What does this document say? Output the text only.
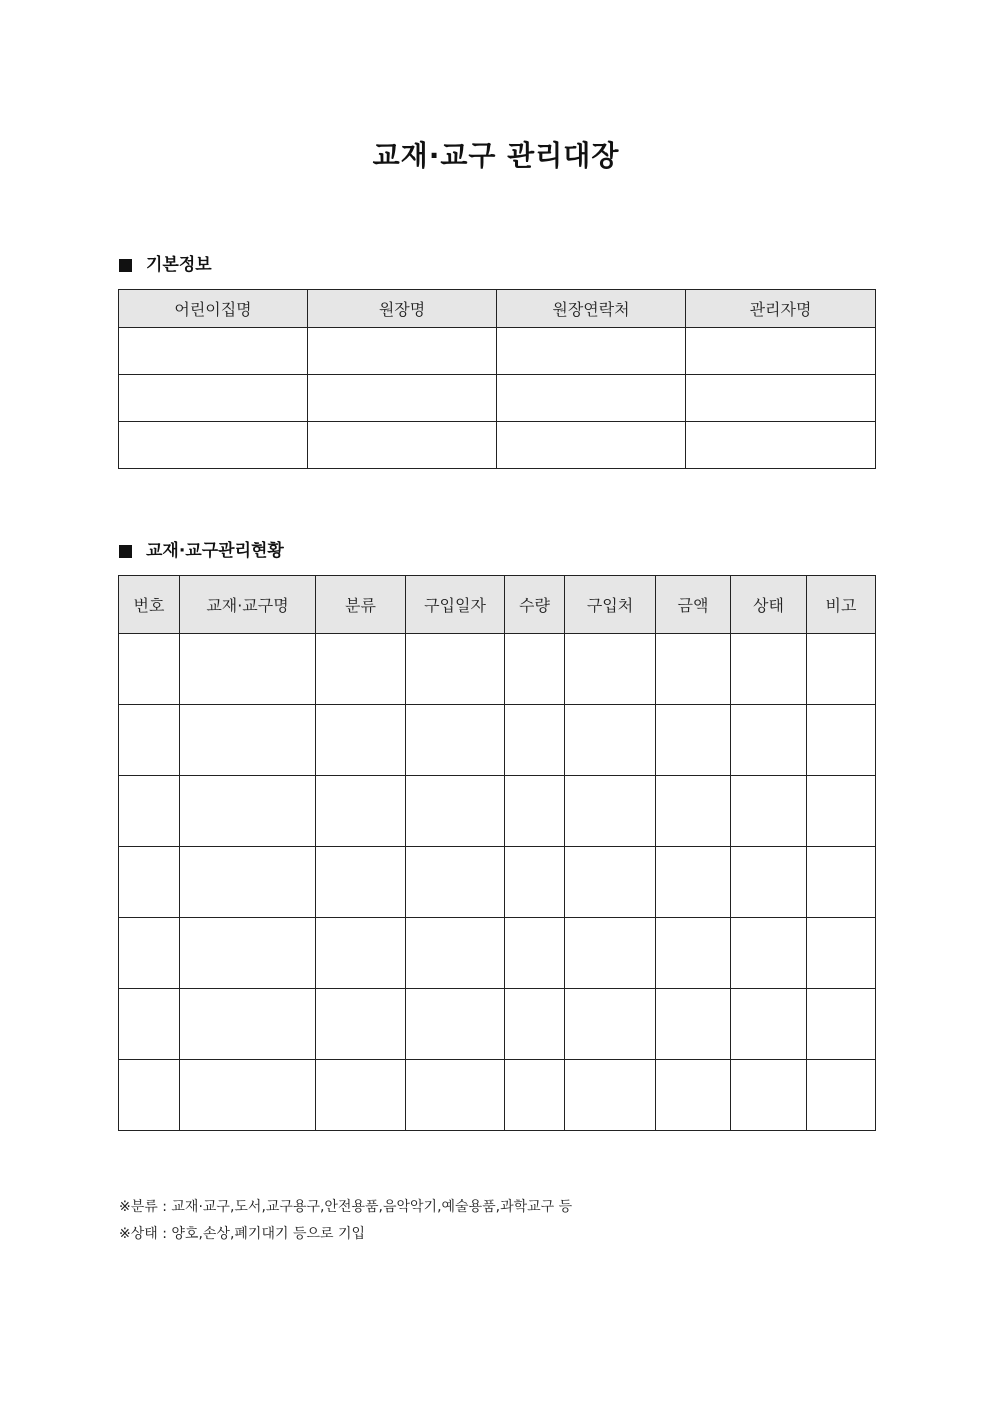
교재·교구 관리대장
기본정보
어린이집명	원장명	원장연락처	관리자명

교재·교구관리현황
번호	교재·교구명	분류	구입일자	수량	구입처	금액	상태	비고

※분류 : 교재·교구,도서,교구용구,안전용품,음악악기,예술용품,과학교구 등
※상태 : 양호,손상,폐기대기 등으로 기입
